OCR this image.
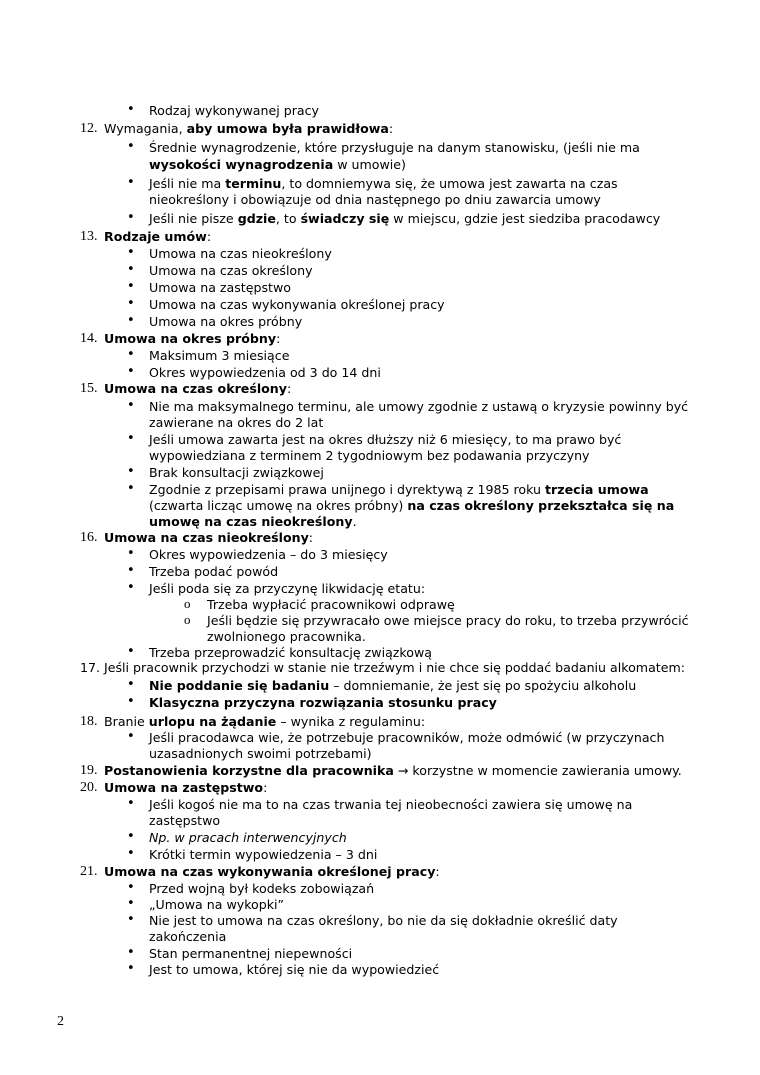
• Rodzaj wykonywanej pracy
12. Wymagania, aby umowa była prawidłowa:
• Średnie wynagrodzenie, które przysługuje na danym stanowisku, (jeśli nie ma
wysokości wynagrodzenia w umowie)
• Jeśli nie ma terminu, to domniemywa się, że umowa jest zawarta na czas
nieokreślony i obowiązuje od dnia następnego po dniu zawarcia umowy
• Jeśli nie pisze gdzie, to świadczy się w miejscu, gdzie jest siedziba pracodawcy
13. Rodzaje umów:
• Umowa na czas nieokreślony
• Umowa na czas określony
• Umowa na zastępstwo
• Umowa na czas wykonywania określonej pracy
• Umowa na okres próbny
14. Umowa na okres próbny:
• Maksimum 3 miesiące
• Okres wypowiedzenia od 3 do 14 dni
15. Umowa na czas określony:
• Nie ma maksymalnego terminu, ale umowy zgodnie z ustawą o kryzysie powinny być
zawierane na okres do 2 lat
• Jeśli umowa zawarta jest na okres dłuższy niż 6 miesięcy, to ma prawo być
wypowiedziana z terminem 2 tygodniowym bez podawania przyczyny
• Brak konsultacji związkowej
• Zgodnie z przepisami prawa unijnego i dyrektywą z 1985 roku trzecia umowa
(czwarta licząc umowę na okres próbny) na czas określony przekształca się na
umowę na czas nieokreślony.
16. Umowa na czas nieokreślony:
• Okres wypowiedzenia – do 3 miesięcy
• Trzeba podać powód
• Jeśli poda się za przyczynę likwidację etatu:
o Trzeba wypłacić pracownikowi odprawę
o Jeśli będzie się przywracało owe miejsce pracy do roku, to trzeba przywrócić
zwolnionego pracownika.
• Trzeba przeprowadzić konsultację związkową
17. Jeśli pracownik przychodzi w stanie nie trzeźwym i nie chce się poddać badaniu alkomatem:
• Nie poddanie się badaniu – domniemanie, że jest się po spożyciu alkoholu
• Klasyczna przyczyna rozwiązania stosunku pracy
18. Branie urlopu na żądanie – wynika z regulaminu:
• Jeśli pracodawca wie, że potrzebuje pracowników, może odmówić (w przyczynach
uzasadnionych swoimi potrzebami)
19. Postanowienia korzystne dla pracownika → korzystne w momencie zawierania umowy.
20. Umowa na zastępstwo:
• Jeśli kogoś nie ma to na czas trwania tej nieobecności zawiera się umowę na
zastępstwo
• Np. w pracach interwencyjnych
• Krótki termin wypowiedzenia – 3 dni
21. Umowa na czas wykonywania określonej pracy:
• Przed wojną był kodeks zobowiązań
• „Umowa na wykopki”
• Nie jest to umowa na czas określony, bo nie da się dokładnie określić daty
zakończenia
• Stan permanentnej niepewności
• Jest to umowa, której się nie da wypowiedzieć
2
